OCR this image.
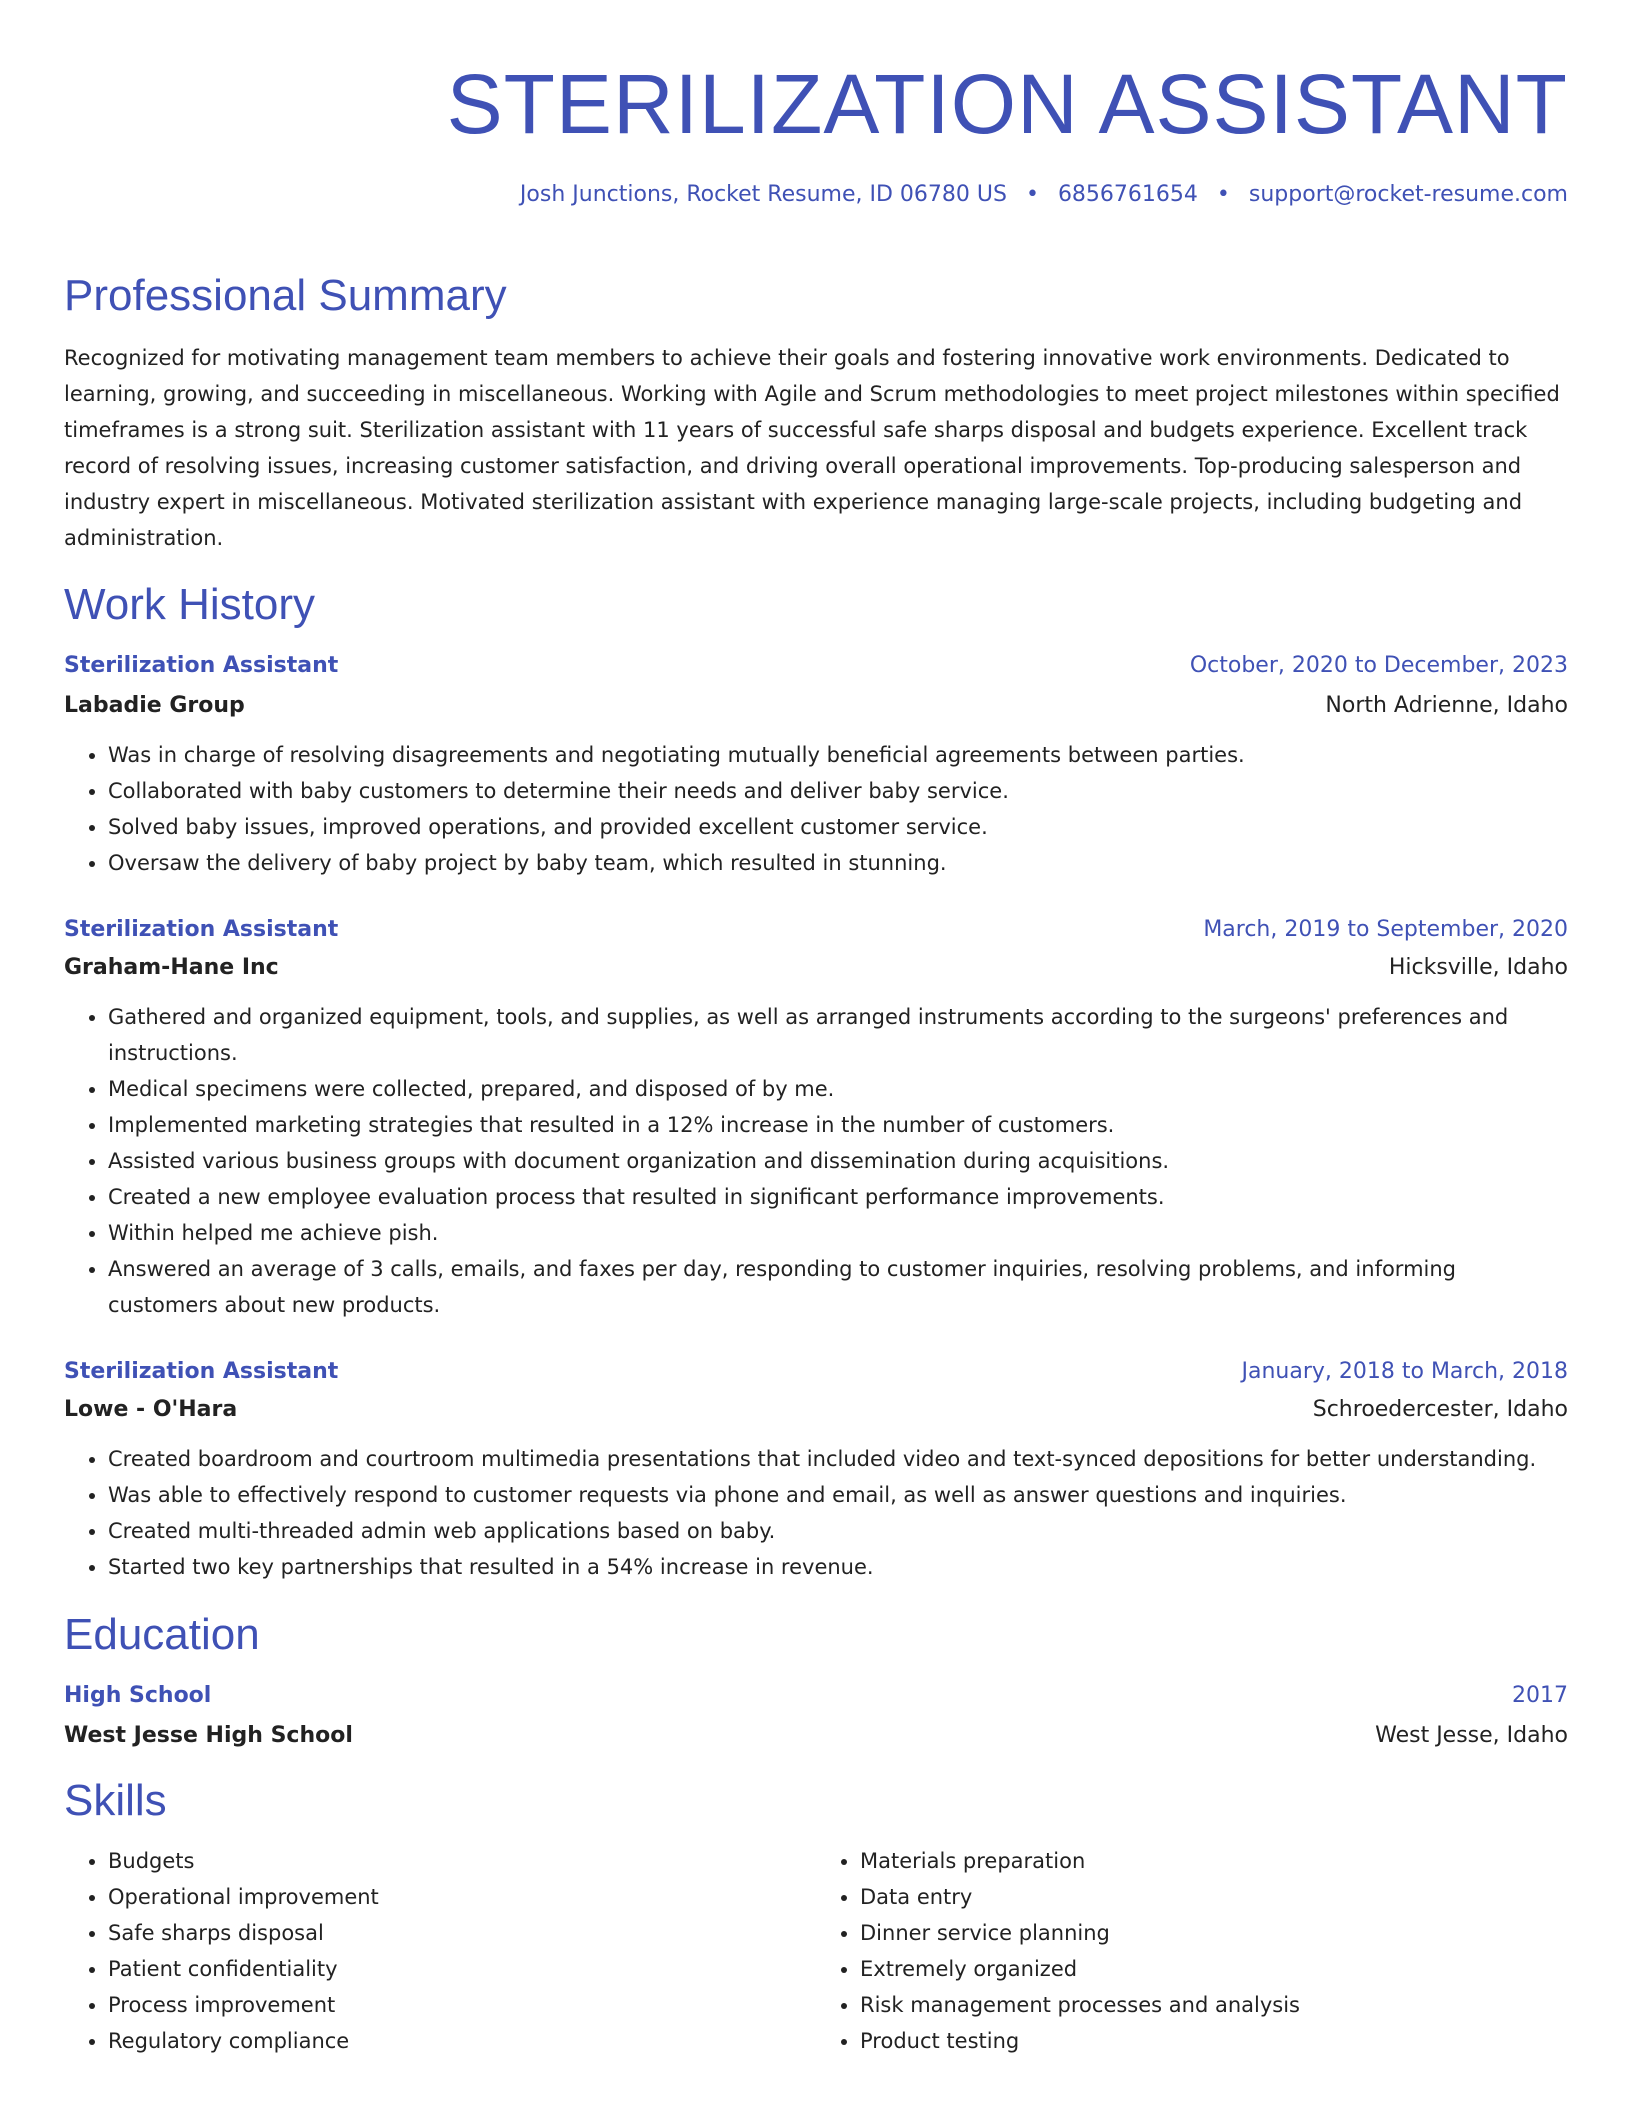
STERILIZATION ASSISTANT
Josh Junctions, Rocket Resume, ID 06780 US • 6856761654 • support@rocket-resume.com
Professional Summary

Recognized for motivating management team members to achieve their goals and fostering innovative work environments. Dedicated to learning, growing, and succeeding in miscellaneous. Working with Agile and Scrum methodologies to meet project milestones within specified timeframes is a strong suit. Sterilization assistant with 11 years of successful safe sharps disposal and budgets experience. Excellent track record of resolving issues, increasing customer satisfaction, and driving overall operational improvements. Top-producing salesperson and industry expert in miscellaneous. Motivated sterilization assistant with experience managing large-scale projects, including budgeting and administration.

Work History
Sterilization Assistant	October, 2020 to December, 2023
Labadie Group	North Adrienne, Idaho
• Was in charge of resolving disagreements and negotiating mutually beneficial agreements between parties.
• Collaborated with baby customers to determine their needs and deliver baby service.
• Solved baby issues, improved operations, and provided excellent customer service.
• Oversaw the delivery of baby project by baby team, which resulted in stunning.
Sterilization Assistant	March, 2019 to September, 2020
Graham-Hane Inc	Hicksville, Idaho
• Gathered and organized equipment, tools, and supplies, as well as arranged instruments according to the surgeons' preferences and instructions.
• Medical specimens were collected, prepared, and disposed of by me.
• Implemented marketing strategies that resulted in a 12% increase in the number of customers.
• Assisted various business groups with document organization and dissemination during acquisitions.
• Created a new employee evaluation process that resulted in significant performance improvements.
• Within helped me achieve pish.
• Answered an average of 3 calls, emails, and faxes per day, responding to customer inquiries, resolving problems, and informing customers about new products.
Sterilization Assistant	January, 2018 to March, 2018
Lowe - O'Hara	Schroedercester, Idaho
• Created boardroom and courtroom multimedia presentations that included video and text-synced depositions for better understanding.
• Was able to effectively respond to customer requests via phone and email, as well as answer questions and inquiries.
• Created multi-threaded admin web applications based on baby.
• Started two key partnerships that resulted in a 54% increase in revenue.
Education
High School	2017
West Jesse High School	West Jesse, Idaho
Skills
• Budgets
• Operational improvement
• Safe sharps disposal
• Patient confidentiality
• Process improvement
• Regulatory compliance
• Materials preparation
• Data entry
• Dinner service planning
• Extremely organized
• Risk management processes and analysis
• Product testing
